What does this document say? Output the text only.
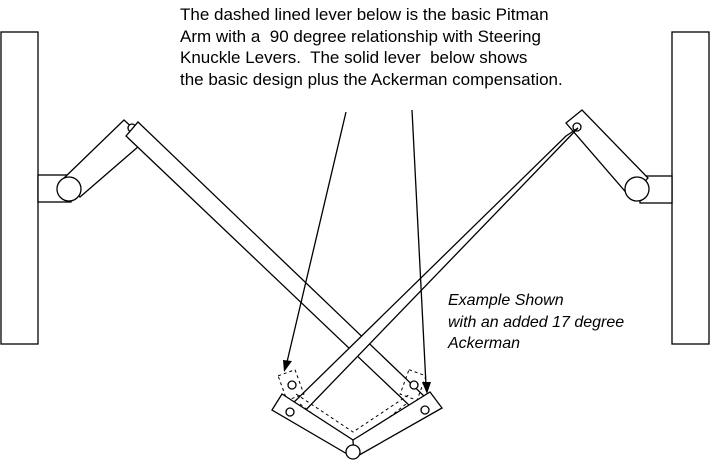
The dashed lined lever below is the basic Pitman
Arm with a  90 degree relationship with Steering
Knuckle Levers.  The solid lever  below shows
the basic design plus the Ackerman compensation.
Example Shown
with an added 17 degree
Ackerman
